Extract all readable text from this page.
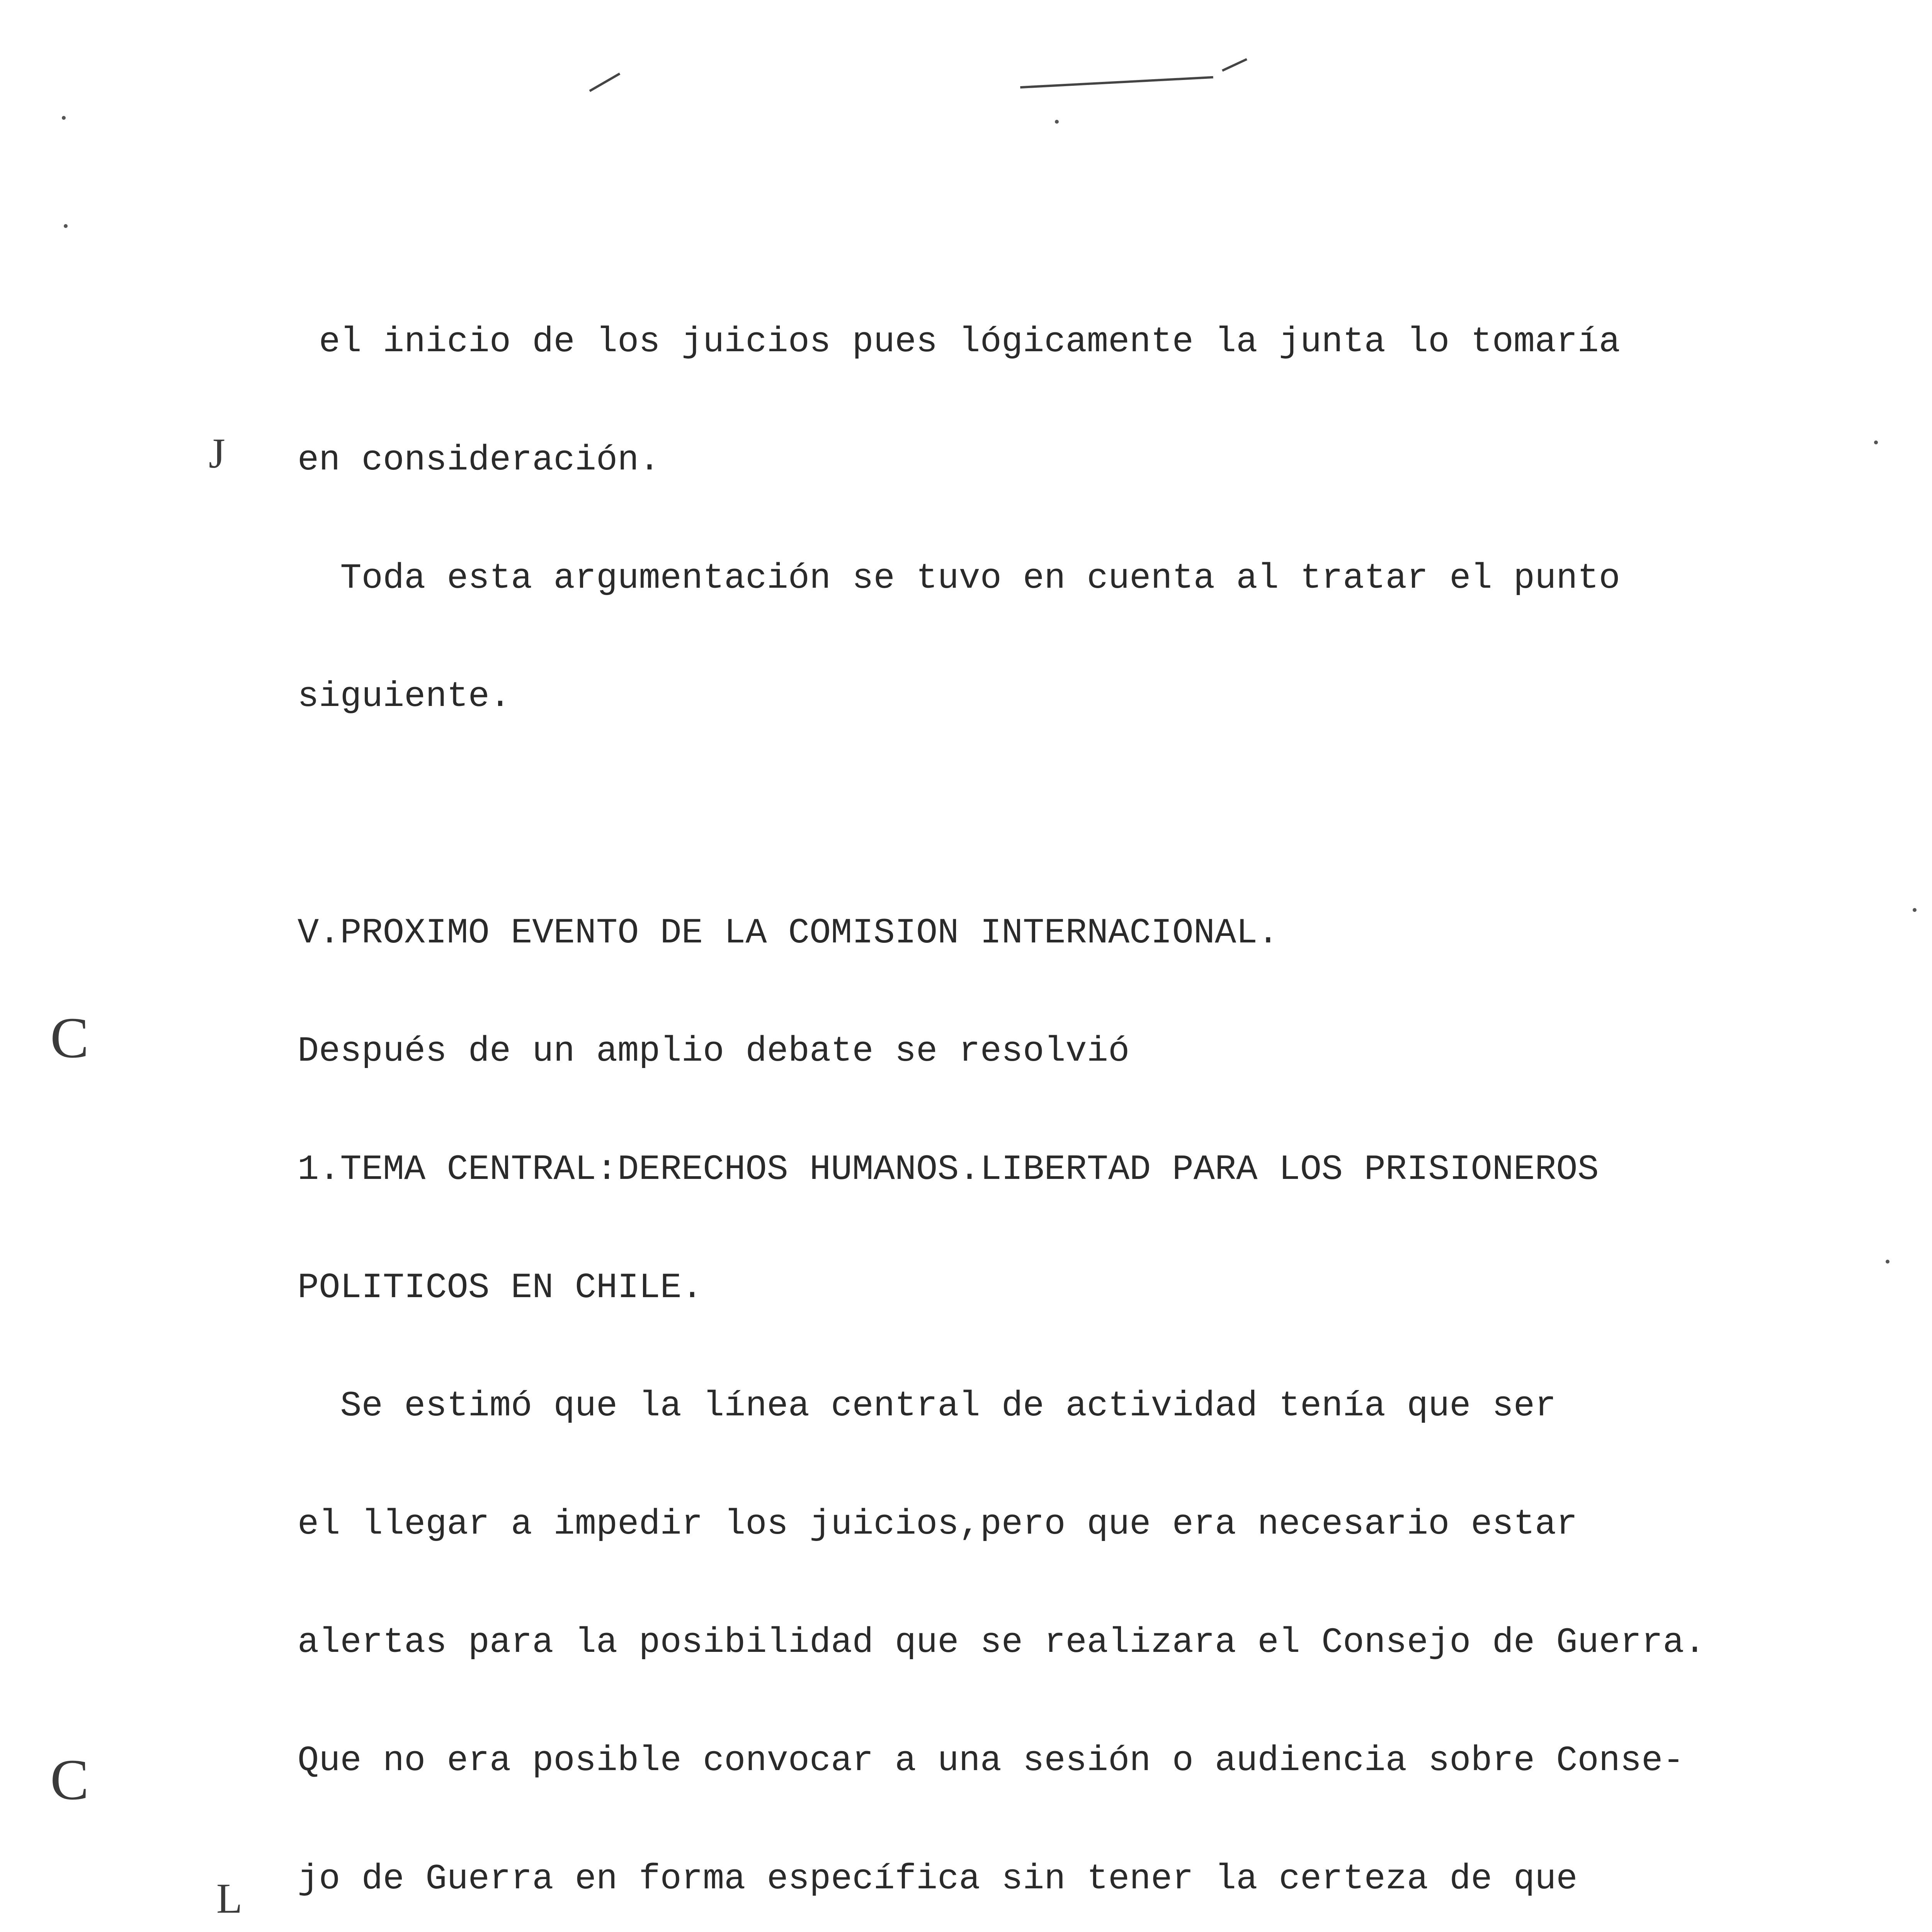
J
C
C
L

el inicio de los juicios pues lógicamente la junta lo tomaría

en consideración.

Toda esta argumentación se tuvo en cuenta al tratar el punto

siguiente.

V.PROXIMO EVENTO DE LA COMISION INTERNACIONAL.

Después de un amplio debate se resolvió

1.TEMA CENTRAL:DERECHOS HUMANOS.LIBERTAD PARA LOS PRISIONEROS

POLITICOS EN CHILE.

Se estimó que la línea central de actividad tenía que ser

el llegar a impedir los juicios,pero que era necesario estar

alertas para la posibilidad que se realizara el Consejo de Guerra.

Que no era posible convocar a una sesión o audiencia sobre Conse-

jo de Guerra en forma específica sin tener la certeza de que
